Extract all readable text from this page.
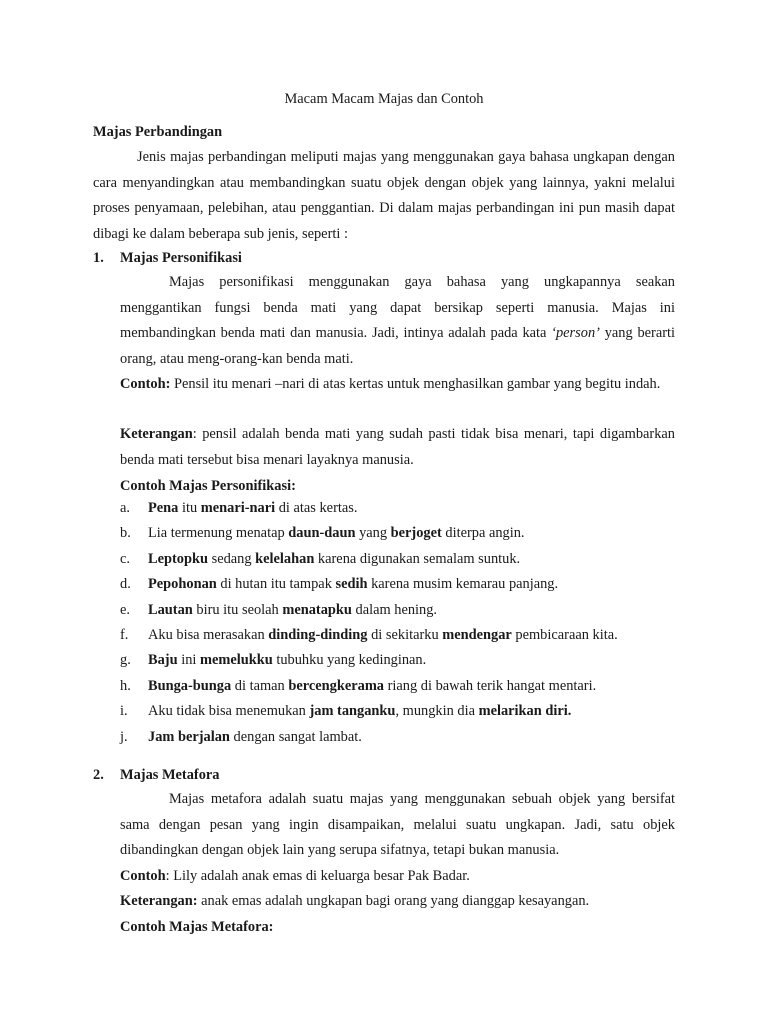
Macam Macam Majas dan Contoh
Majas Perbandingan
Jenis majas perbandingan meliputi majas yang menggunakan gaya bahasa ungkapan dengan cara menyandingkan atau membandingkan suatu objek dengan objek yang lainnya, yakni melalui proses penyamaan, pelebihan, atau penggantian. Di dalam majas perbandingan ini pun masih dapat dibagi ke dalam beberapa sub jenis, seperti :
1. Majas Personifikasi
Majas personifikasi menggunakan gaya bahasa yang ungkapannya seakan menggantikan fungsi benda mati yang dapat bersikap seperti manusia. Majas ini membandingkan benda mati dan manusia. Jadi, intinya adalah pada kata ‘person’ yang berarti orang, atau meng-orang-kan benda mati.
Contoh: Pensil itu menari –nari di atas kertas untuk menghasilkan gambar yang begitu indah.
Keterangan: pensil adalah benda mati yang sudah pasti tidak bisa menari, tapi digambarkan benda mati tersebut bisa menari layaknya manusia.
Contoh Majas Personifikasi:
a.	Pena itu menari-nari di atas kertas.
b.	Lia termenung menatap daun-daun yang berjoget diterpa angin.
c.	Leptopku sedang kelelahan karena digunakan semalam suntuk.
d.	Pepohonan di hutan itu tampak sedih karena musim kemarau panjang.
e.	Lautan biru itu seolah menatapku dalam hening.
f.	Aku bisa merasakan dinding-dinding di sekitarku mendengar pembicaraan kita.
g.	Baju ini memelukku tubuhku yang kedinginan.
h.	Bunga-bunga di taman bercengkerama riang di bawah terik hangat mentari.
i.	Aku tidak bisa menemukan jam tanganku, mungkin dia melarikan diri.
j.	Jam berjalan dengan sangat lambat.
2. Majas Metafora
Majas metafora adalah suatu majas yang menggunakan sebuah objek yang bersifat sama dengan pesan yang ingin disampaikan, melalui suatu ungkapan. Jadi, satu objek dibandingkan dengan objek lain yang serupa sifatnya, tetapi bukan manusia.
Contoh: Lily adalah anak emas di keluarga besar Pak Badar.
Keterangan: anak emas adalah ungkapan bagi orang yang dianggap kesayangan.
Contoh Majas Metafora:
